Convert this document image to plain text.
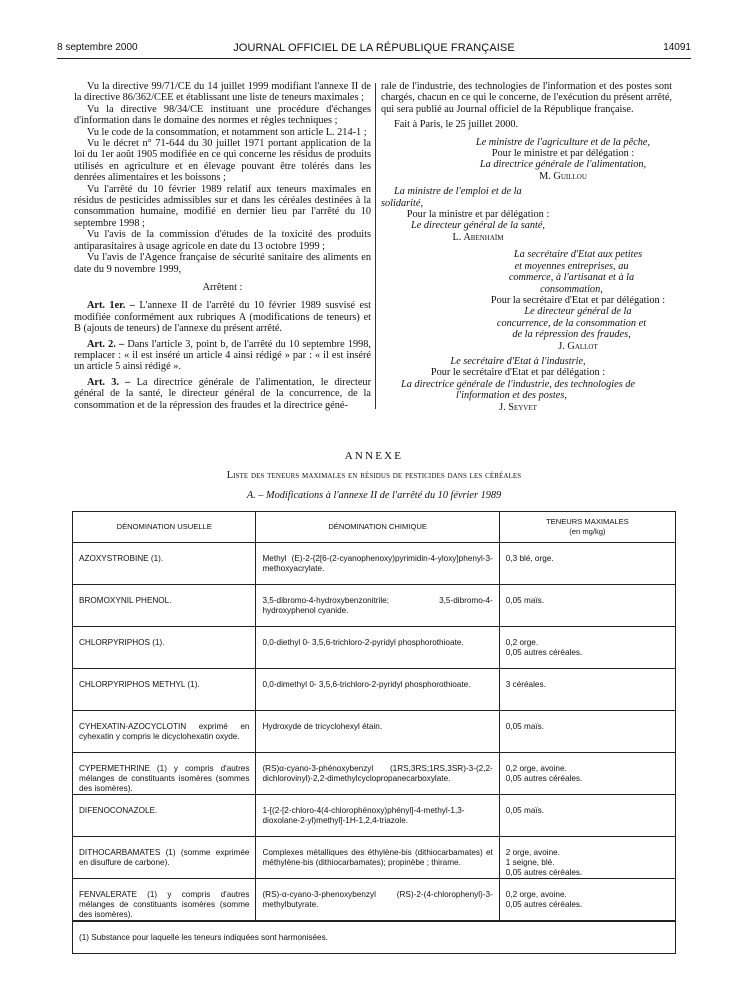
8 septembre 2000	JOURNAL OFFICIEL DE LA RÉPUBLIQUE FRANÇAISE	14091

Vu la directive 99/71/CE du 14 juillet 1999 modifiant l'annexe II de la directive 86/362/CEE et établissant une liste de teneurs maximales ;

Vu la directive 98/34/CE instituant une procédure d'échanges d'information dans le domaine des normes et règles techniques ;

Vu le code de la consommation, et notamment son article L. 214-1 ;

Vu le décret n° 71-644 du 30 juillet 1971 portant application de la loi du 1er août 1905 modifiée en ce qui concerne les résidus de produits utilisés en agriculture et en élevage pouvant être tolérés dans les denrées alimentaires et les boissons ;

Vu l'arrêté du 10 février 1989 relatif aux teneurs maximales en résidus de pesticides admissibles sur et dans les céréales destinées à la consommation humaine, modifié en dernier lieu par l'arrêté du 10 septembre 1998 ;

Vu l'avis de la commission d'études de la toxicité des produits antiparasitaires à usage agricole en date du 13 octobre 1999 ;

Vu l'avis de l'Agence française de sécurité sanitaire des aliments en date du 9 novembre 1999,

Arrêtent :

Art. 1er. – L'annexe II de l'arrêté du 10 février 1989 susvisé est modifiée conformément aux rubriques A (modifications de teneurs) et B (ajouts de teneurs) de l'annexe du présent arrêté.

Art. 2. – Dans l'article 3, point b, de l'arrêté du 10 septembre 1998, remplacer : « il est inséré un article 4 ainsi rédigé » par : « il est inséré un article 5 ainsi rédigé ».

Art. 3. – La directrice générale de l'alimentation, le directeur général de la santé, le directeur général de la concurrence, de la consommation et de la répression des fraudes et la directrice géné-

rale de l'industrie, des technologies de l'information et des postes sont chargés, chacun en ce qui le concerne, de l'exécution du présent arrêté, qui sera publié au Journal officiel de la République française.

Fait à Paris, le 25 juillet 2000.

Le ministre de l'agriculture et de la pêche,

Pour le ministre et par délégation :

La directrice générale de l'alimentation,

M. Guillou

La ministre de l'emploi et de la solidarité,

Pour la ministre et par délégation :

Le directeur général de la santé,

L. Abenhaïm

La secrétaire d'Etat aux petites et moyennes entreprises, au commerce, à l'artisanat et à la consommation,

Pour la secrétaire d'Etat et par délégation :

Le directeur général de la concurrence, de la consommation et de la répression des fraudes,

J. Gallot

Le secrétaire d'Etat à l'industrie,

Pour le secrétaire d'Etat et par délégation :

La directrice générale de l'industrie, des technologies de l'information et des postes,

J. Seyvet

ANNEXE
Liste des teneurs maximales en résidus de pesticides dans les céréales
A. – Modifications à l'annexe II de l'arrêté du 10 février 1989
DÉNOMINATION USUELLE	DÉNOMINATION CHIMIQUE	TENEURS MAXIMALES
(en mg/kg)

AZOXYSTROBINE (1).	Methyl (E)-2-{2[6-(2-cyanophenoxy)pyrimidin-4-yloxy]phenyl-3-methoxyacrylate.	0,3 blé, orge.

BROMOXYNIL PHENOL.	3,5-dibromo-4-hydroxybenzonitrile; 3,5-dibromo-4-hydroxyphenol cyanide.	0,05 maïs.

CHLORPYRIPHOS (1).	0,0-diethyl 0- 3,5,6-trichloro-2-pyridyl phosphorothioate.	0,2 orge.
0,05 autres céréales.

CHLORPYRIPHOS METHYL (1).	0,0-dimethyl 0- 3,5,6-trichloro-2-pyridyl phosphorothioate.	3 céréales.

CYHEXATIN-AZOCYCLOTIN exprimé en cyhexatin y compris le dicyclohexatin oxyde.	Hydroxyde de tricyclohexyl étain.	0,05 maïs.

CYPERMETHRINE (1) y compris d'autres mélanges de constituants isomères (sommes des isomères).	(RS)α-cyano-3-phénoxybenzyl (1RS,3RS;1RS,3SR)-3-(2,2-dichlorovinyl)-2,2-dimethylcyclopropanecarboxylate.	0,2 orge, avoine.
0,05 autres céréales.

DIFENOCONAZOLE.	1-[(2-[2-chloro-4(4-chlorophénoxy)phényl]-4-methyl-1,3-dioxolane-2-yl)methyl]-1H-1,2,4-triazole.	0,05 maïs.

DITHOCARBAMATES (1) (somme exprimée en disulfure de carbone).	Complexes métalliques des éthylène-bis (dithiocarbamates) et méthylène-bis (dithiocarbamates); propinèbe ; thirame.	2 orge, avoine.
1 seigne, blé.
0,05 autres céréales.

FENVALERATE (1) y compris d'autres mélanges de constituants isomères (somme des isomères).	(RS)-α-cyano-3-phenoxybenzyl (RS)-2-(4-chlorophenyl)-3-methylbutyrate.	0,2 orge, avoine.
0,05 autres céréales.

(1) Substance pour laquelle les teneurs indiquées sont harmonisées.		
